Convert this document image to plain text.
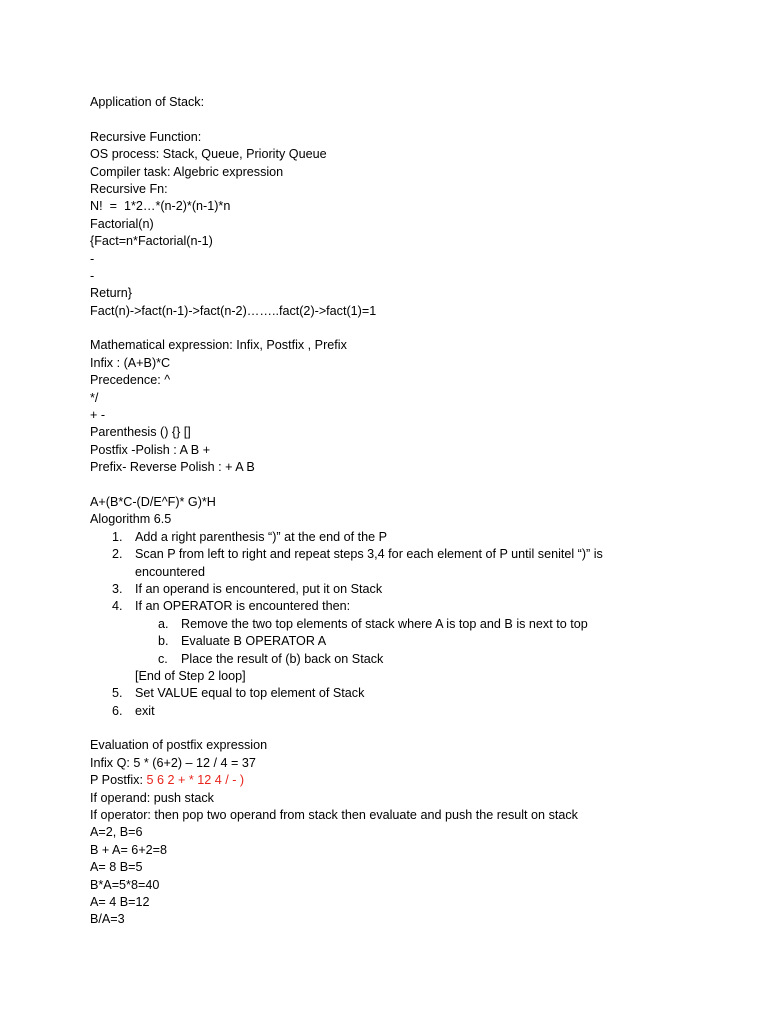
Application of Stack:
Recursive Function:
OS process: Stack, Queue, Priority Queue
Compiler task: Algebric expression
Recursive Fn:
N!  =  1*2…*(n-2)*(n-1)*n
Factorial(n)
{Fact=n*Factorial(n-1)
-
-
Return}
Fact(n)->fact(n-1)->fact(n-2)……..fact(2)->fact(1)=1
Mathematical expression: Infix, Postfix , Prefix
Infix : (A+B)*C
Precedence: ^
*/
+ -
Parenthesis () {} []
Postfix -Polish : A B +
Prefix- Reverse Polish : + A B
A+(B*C-(D/E^F)* G)*H
Alogorithm 6.5
1. Add a right parenthesis “)” at the end of the P
2. Scan P from left to right and repeat steps 3,4 for each element of P until senitel “)” is
encountered
3. If an operand is encountered, put it on Stack
4. If an OPERATOR is encountered then:
a. Remove the two top elements of stack where A is top and B is next to top
b. Evaluate B OPERATOR A
c. Place the result of (b) back on Stack
[End of Step 2 loop]
5. Set VALUE equal to top element of Stack
6. exit
Evaluation of postfix expression
Infix Q: 5 * (6+2) – 12 / 4 = 37
P Postfix: 5 6 2 + * 12 4 / - )
If operand: push stack
If operator: then pop two operand from stack then evaluate and push the result on stack
A=2, B=6
B + A= 6+2=8
A= 8 B=5
B*A=5*8=40
A= 4 B=12
B/A=3
